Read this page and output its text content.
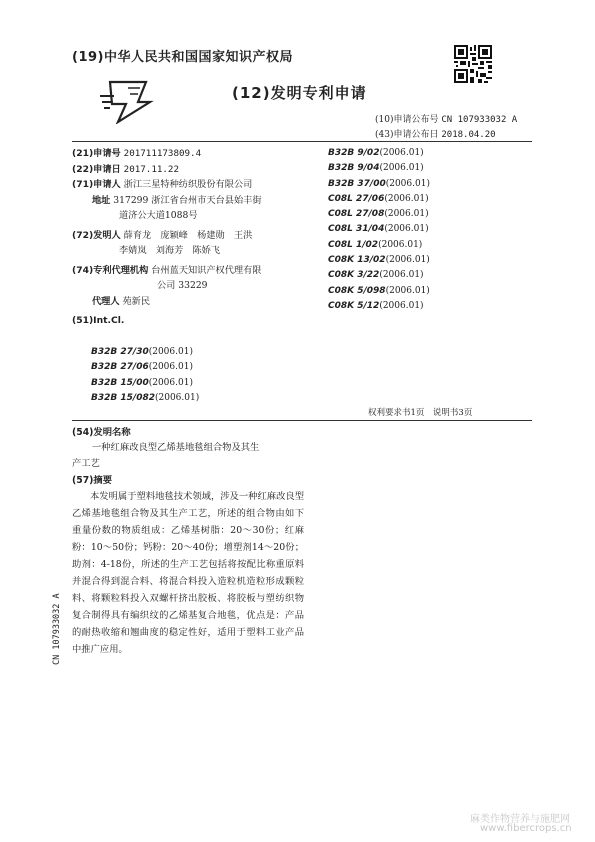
(19)中华人民共和国国家知识产权局
(12)发明专利申请
(10)申请公布号 CN 107933032 A
(43)申请公布日 2018.04.20
(21)申请号 201711173809.4
(22)申请日 2017.11.22
(71)申请人 浙江三星特种纺织股份有限公司
地址 317299 浙江省台州市天台县始丰街
道济公大道1088号
(72)发明人 薛育龙　庞颖峰　杨建勋　王洪
李婧岚　刘海芳　陈娇飞
(74)专利代理机构 台州蓝天知识产权代理有限
公司 33229
代理人 苑新民
(51)Int.Cl.
B32B 27/30(2006.01)
B32B 27/06(2006.01)
B32B 15/00(2006.01)
B32B 15/082(2006.01)
B32B 9/02(2006.01)
B32B 9/04(2006.01)
B32B 37/00(2006.01)
C08L 27/06(2006.01)
C08L 27/08(2006.01)
C08L 31/04(2006.01)
C08L 1/02(2006.01)
C08K 13/02(2006.01)
C08K 3/22(2006.01)
C08K 5/098(2006.01)
C08K 5/12(2006.01)
权利要求书1页　说明书3页
(54)发明名称
一种红麻改良型乙烯基地毯组合物及其生
产工艺
(57)摘要
本发明属于塑料地毯技术领域，涉及一种红麻改良型乙烯基地毯组合物及其生产工艺，所述的组合物由如下重量份数的物质组成：乙烯基树脂：20～30份；红麻粉：10～50份；钙粉：20～40份；增塑剂14～20份；助剂：4-18份，所述的生产工艺包括将按配比称重原料并混合得到混合料、将混合料投入造粒机造粒形成颗粒料、将颗粒料投入双螺杆挤出胶板、将胶板与塑纺织物复合制得具有编织纹的乙烯基复合地毯，优点是：产品的耐热收缩和翘曲度的稳定性好，适用于塑料工业产品中推广应用。
CN 107933032 A
麻类作物营养与施肥网
www.fibercrops.cn
